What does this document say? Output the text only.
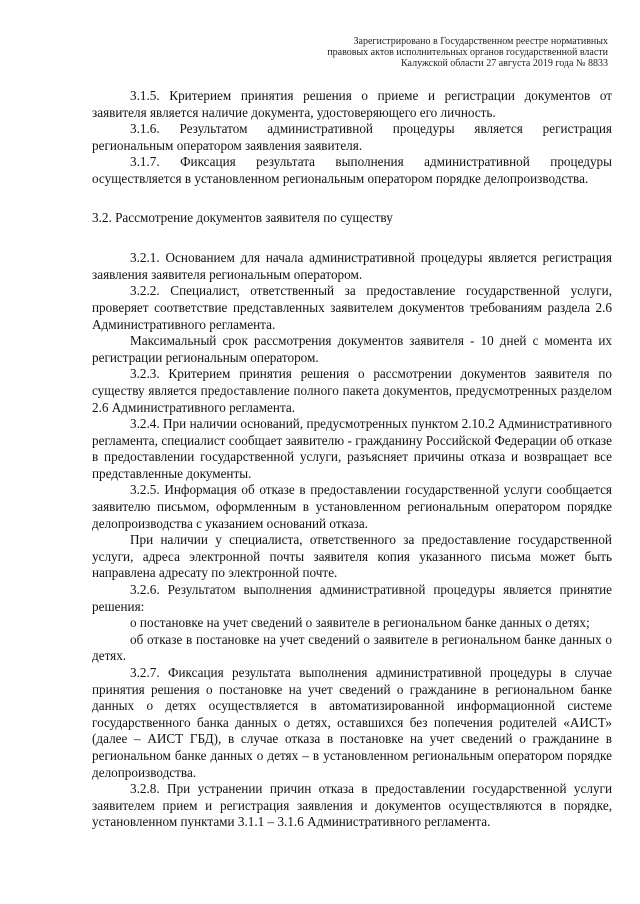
Зарегистрировано в Государственном реестре нормативных
правовых актов исполнительных органов государственной власти
Калужской области 27 августа 2019 года № 8833

3.1.5. Критерием принятия решения о приеме и регистрации документов от заявителя является наличие документа, удостоверяющего его личность.

3.1.6. Результатом административной процедуры является регистрация региональным оператором заявления заявителя.

3.1.7. Фиксация результата выполнения административной процедуры осуществляется в установленном региональным оператором порядке делопроизводства.

3.2. Рассмотрение документов заявителя по существу

3.2.1. Основанием для начала административной процедуры является регистрация заявления заявителя региональным оператором.

3.2.2. Специалист, ответственный за предоставление государственной услуги, проверяет соответствие представленных заявителем документов требованиям раздела 2.6 Административного регламента.

Максимальный срок рассмотрения документов заявителя - 10 дней с момента их регистрации региональным оператором.

3.2.3. Критерием принятия решения о рассмотрении документов заявителя по существу является предоставление полного пакета документов, предусмотренных разделом 2.6 Административного регламента.

3.2.4. При наличии оснований, предусмотренных пунктом 2.10.2 Административного регламента, специалист сообщает заявителю - гражданину Российской Федерации об отказе в предоставлении государственной услуги, разъясняет причины отказа и возвращает все представленные документы.

3.2.5. Информация об отказе в предоставлении государственной услуги сообщается заявителю письмом, оформленным в установленном региональным оператором порядке делопроизводства с указанием оснований отказа.

При наличии у специалиста, ответственного за предоставление государственной услуги, адреса электронной почты заявителя копия указанного письма может быть направлена адресату по электронной почте.

3.2.6. Результатом выполнения административной процедуры является принятие решения:

о постановке на учет сведений о заявителе в региональном банке данных о детях;

об отказе в постановке на учет сведений о заявителе в региональном банке данных о детях.

3.2.7. Фиксация результата выполнения административной процедуры в случае принятия решения о постановке на учет сведений о гражданине в региональном банке данных о детях осуществляется в автоматизированной информационной системе государственного банка данных о детях, оставшихся без попечения родителей «АИСТ» (далее – АИСТ ГБД), в случае отказа в постановке на учет сведений о гражданине в региональном банке данных о детях – в установленном региональным оператором порядке делопроизводства.

3.2.8. При устранении причин отказа в предоставлении государственной услуги заявителем прием и регистрация заявления и документов осуществляются в порядке, установленном пунктами 3.1.1 – 3.1.6 Административного регламента.
